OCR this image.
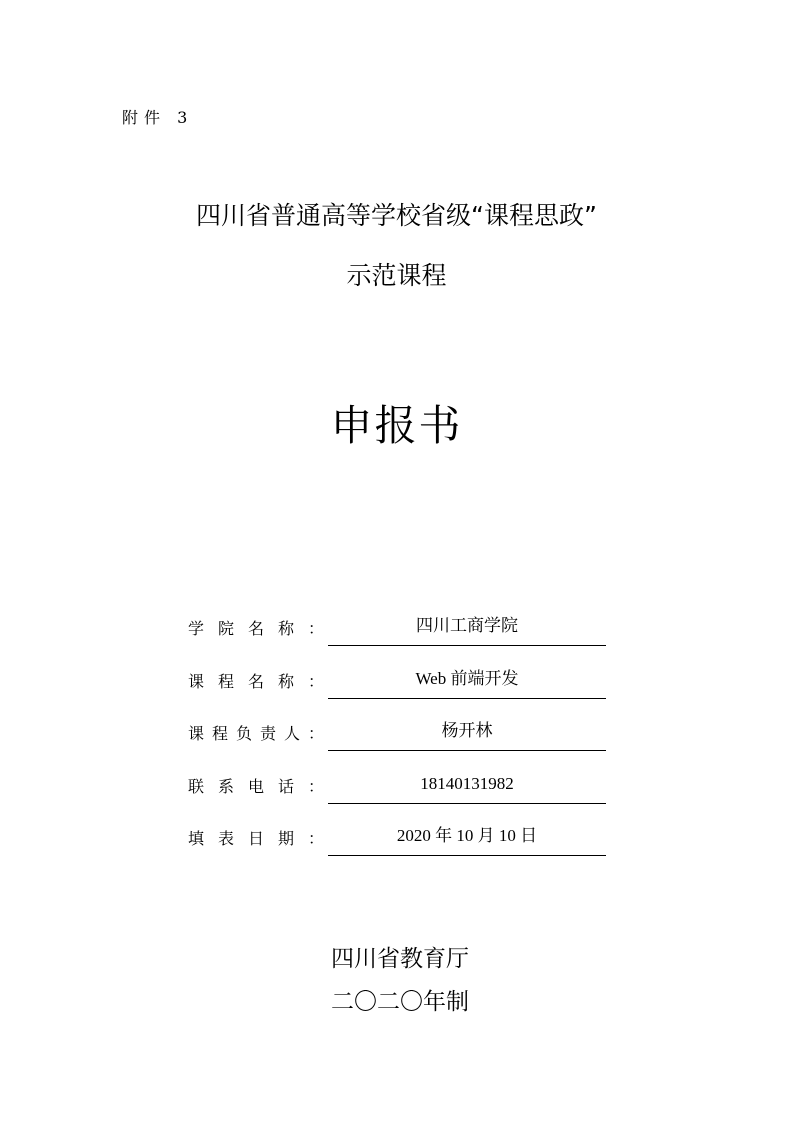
附件 3
四川省普通高等学校省级“课程思政”
示范课程
申报书
学 院 名 称 ：	四川工商学院
课 程 名 称 ：	Web 前端开发
课 程 负 责 人 ：	杨开林
联 系 电 话 ：	18140131982
填 表 日 期 ：	2020 年 10 月 10 日
四川省教育厅
二〇二〇年制
